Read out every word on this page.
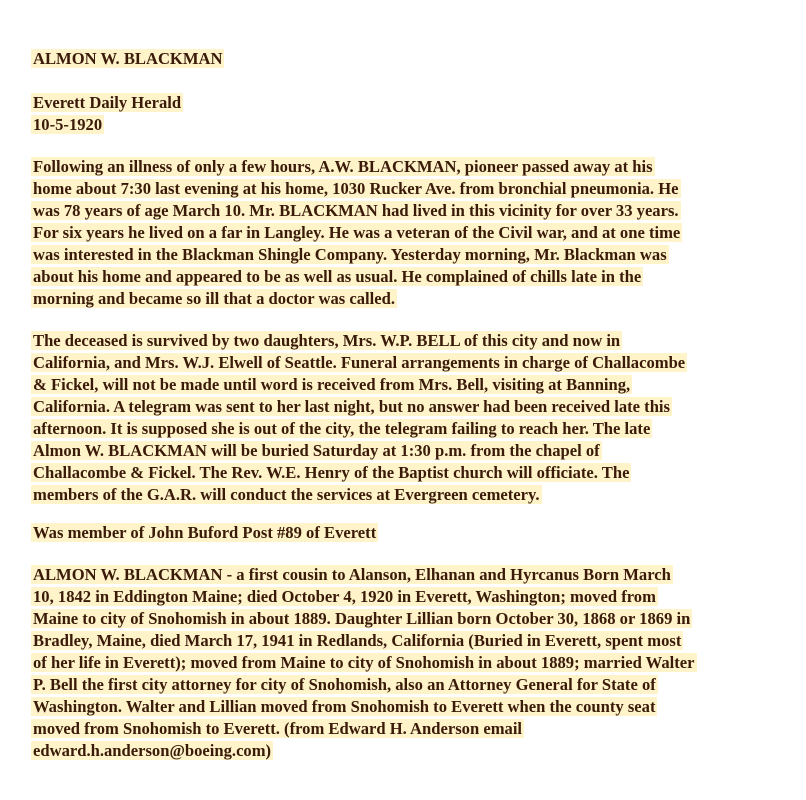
ALMON W. BLACKMAN
Everett Daily Herald
10-5-1920
Following an illness of only a few hours, A.W. BLACKMAN, pioneer passed away at his
home about 7:30 last evening at his home, 1030 Rucker Ave. from bronchial pneumonia. He
was 78 years of age March 10. Mr. BLACKMAN had lived in this vicinity for over 33 years.
For six years he lived on a far in Langley. He was a veteran of the Civil war, and at one time
was interested in the Blackman Shingle Company. Yesterday morning, Mr. Blackman was
about his home and appeared to be as well as usual. He complained of chills late in the
morning and became so ill that a doctor was called.
The deceased is survived by two daughters, Mrs. W.P. BELL of this city and now in
California, and Mrs. W.J. Elwell of Seattle. Funeral arrangements in charge of Challacombe
& Fickel, will not be made until word is received from Mrs. Bell, visiting at Banning,
California. A telegram was sent to her last night, but no answer had been received late this
afternoon. It is supposed she is out of the city, the telegram failing to reach her. The late
Almon W. BLACKMAN will be buried Saturday at 1:30 p.m. from the chapel of
Challacombe & Fickel. The Rev. W.E. Henry of the Baptist church will officiate. The
members of the G.A.R. will conduct the services at Evergreen cemetery.
Was member of John Buford Post #89 of Everett
ALMON W. BLACKMAN - a first cousin to Alanson, Elhanan and Hyrcanus Born March
10, 1842 in Eddington Maine; died October 4, 1920 in Everett, Washington; moved from
Maine to city of Snohomish in about 1889. Daughter Lillian born October 30, 1868 or 1869 in
Bradley, Maine, died March 17, 1941 in Redlands, California (Buried in Everett, spent most
of her life in Everett); moved from Maine to city of Snohomish in about 1889; married Walter
P. Bell the first city attorney for city of Snohomish, also an Attorney General for State of
Washington. Walter and Lillian moved from Snohomish to Everett when the county seat
moved from Snohomish to Everett. (from Edward H. Anderson email
edward.h.anderson@boeing.com)
